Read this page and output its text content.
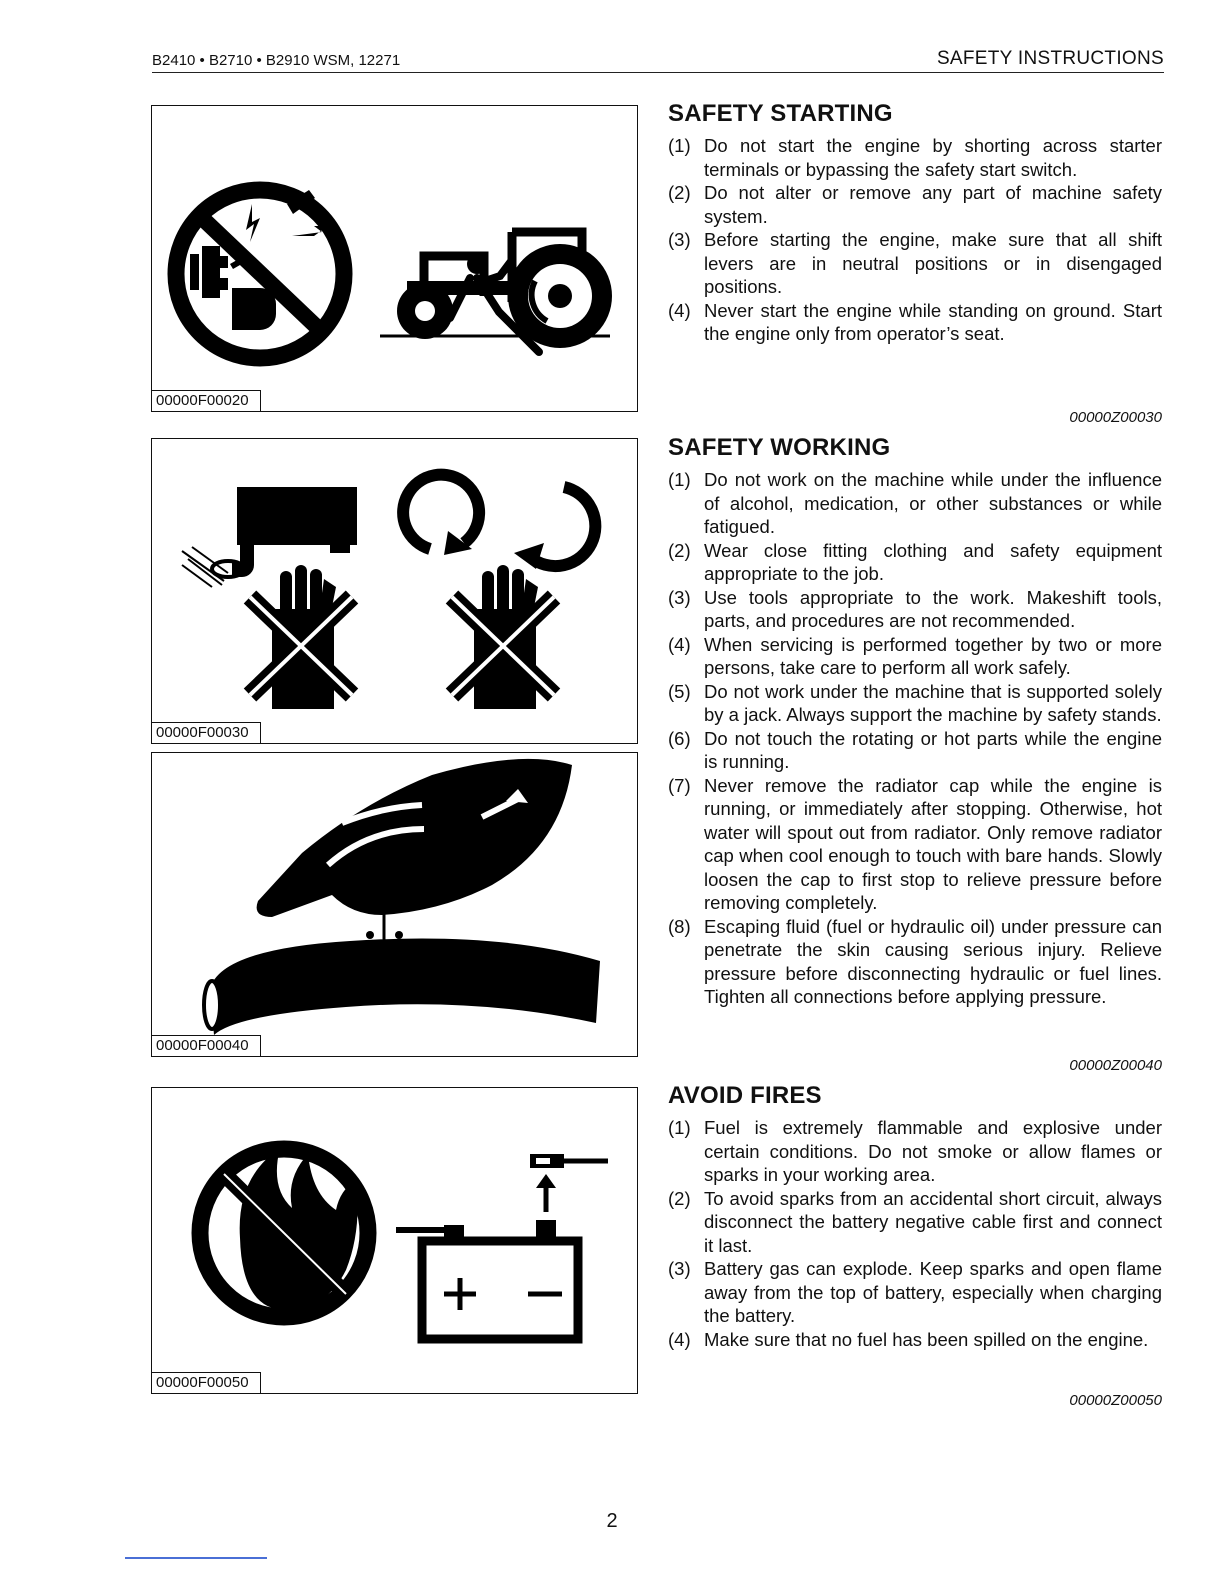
B2410 • B2710 • B2910 WSM, 12271	SAFETY INSTRUCTIONS
00000F00020
00000F00030
00000F00040
00000F00050
SAFETY STARTING
(1) Do not start the engine by shorting across starter terminals or bypassing the safety start switch.
(2) Do not alter or remove any part of machine safety system.
(3) Before starting the engine, make sure that all shift levers are in neutral positions or in disengaged positions.
(4) Never start the engine while standing on ground. Start the engine only from operator’s seat.
00000Z00030
SAFETY WORKING
(1) Do not work on the machine while under the influence of alcohol, medication, or other substances or while fatigued.
(2) Wear close fitting clothing and safety equipment appropriate to the job.
(3) Use tools appropriate to the work. Makeshift tools, parts, and procedures are not recommended.
(4) When servicing is performed together by two or more persons, take care to perform all work safely.
(5) Do not work under the machine that is supported solely by a jack. Always support the machine by safety stands.
(6) Do not touch the rotating or hot parts while the engine is running.
(7) Never remove the radiator cap while the engine is running, or immediately after stopping. Otherwise, hot water will spout out from radiator. Only remove radiator cap when cool enough to touch with bare hands. Slowly loosen the cap to first stop to relieve pressure before removing completely.
(8) Escaping fluid (fuel or hydraulic oil) under pressure can penetrate the skin causing serious injury. Relieve pressure before disconnecting hydraulic or fuel lines. Tighten all connections before applying pressure.
00000Z00040
AVOID FIRES
(1) Fuel is extremely flammable and explosive under certain conditions. Do not smoke or allow flames or sparks in your working area.
(2) To avoid sparks from an accidental short circuit, always disconnect the battery negative cable first and connect it last.
(3) Battery gas can explode. Keep sparks and open flame away from the top of battery, especially when charging the battery.
(4) Make sure that no fuel has been spilled on the engine.
00000Z00050
2
